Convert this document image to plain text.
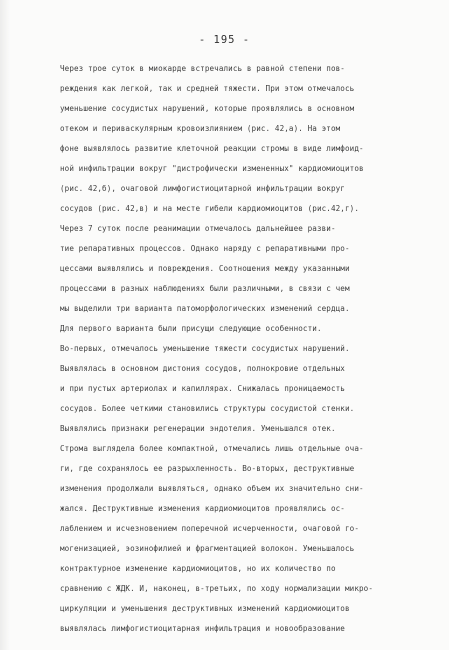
- 195 -
Через трое суток в миокарде встречались в равной степени пов-
реждения как легкой, так и средней тяжести. При этом отмечалось
уменьшение сосудистых нарушений, которые проявлялись в основном
отеком и периваскулярным кровоизлиянием (рис. 42,а). На этом
фоне выявлялось развитие клеточной реакции стромы в виде лимфоид-
ной инфильтрации вокруг "дистрофически измененных" кардиомиоцитов
(рис. 42,б), очаговой лимфогистиоцитарной инфильтрации вокруг
сосудов (рис. 42,в) и на месте гибели кардиомиоцитов (рис.42,г).
Через 7 суток после реанимации отмечалось дальнейшее разви-
тие репаративных процессов. Однако наряду с репаративными про-
цессами выявлялись и повреждения. Соотношения между указанными
процессами в разных наблюдениях были различными, в связи с чем
мы выделили три варианта патоморфологических изменений сердца.
Для первого варианта были присущи следующие особенности.
Во-первых, отмечалось уменьшение тяжести сосудистых нарушений.
Выявлялась в основном дистония сосудов, полнокровие отдельных
и при пустых артериолах и капиллярах. Снижалась проницаемость
сосудов. Более четкими становились структуры сосудистой стенки.
Выявлялись признаки регенерации эндотелия. Уменьшался отек.
Строма выглядела более компактной, отмечались лишь отдельные оча-
ги, где сохранялось ее разрыхленность. Во-вторых, деструктивные
изменения продолжали выявляться, однако объем их значительно сни-
жался. Деструктивные изменения кардиомиоцитов проявлялись ос-
лаблением и исчезновением поперечной исчерченности, очаговой го-
могенизацией, эозинофилией и фрагментацией волокон. Уменьшалось
контрактурное изменение кардиомиоцитов, но их количество по
сравнению с ЖДК. И, наконец, в-третьих, по ходу нормализации микро-
циркуляции и уменьшения деструктивных изменений кардиомиоцитов
выявлялась лимфогистиоцитарная инфильтрация и новообразование
